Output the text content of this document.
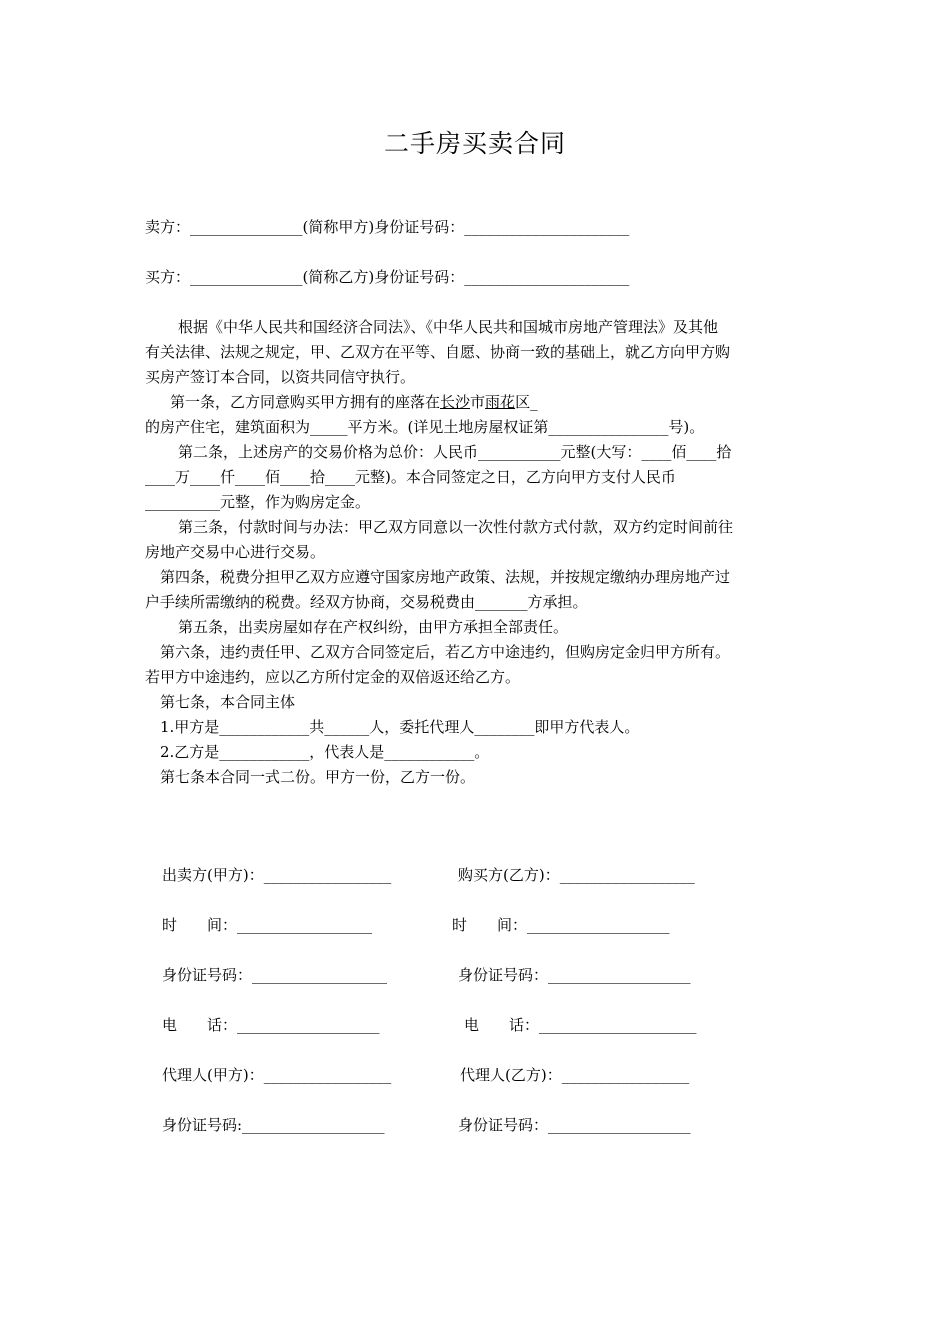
二手房买卖合同
卖方：_______________(简称甲方)身份证号码：______________________
买方：_______________(简称乙方)身份证号码：______________________
根据《中华人民共和国经济合同法》、《中华人民共和国城市房地产管理法》及其他
有关法律、法规之规定，甲、乙双方在平等、自愿、协商一致的基础上，就乙方向甲方购
买房产签订本合同，以资共同信守执行。
第一条，乙方同意购买甲方拥有的座落在长沙市雨花区_
的房产住宅，建筑面积为_____平方米。(详见土地房屋权证第________________号)。
第二条，上述房产的交易价格为总价：人民币___________元整(大写：____佰____拾
____万____仟____佰____拾____元整)。本合同签定之日，乙方向甲方支付人民币
__________元整，作为购房定金。
第三条，付款时间与办法：甲乙双方同意以一次性付款方式付款，双方约定时间前往
房地产交易中心进行交易。
第四条，税费分担甲乙双方应遵守国家房地产政策、法规，并按规定缴纳办理房地产过
户手续所需缴纳的税费。经双方协商，交易税费由_______方承担。
第五条，出卖房屋如存在产权纠纷，由甲方承担全部责任。
第六条，违约责任甲、乙双方合同签定后，若乙方中途违约，但购房定金归甲方所有。
若甲方中途违约，应以乙方所付定金的双倍返还给乙方。
第七条，本合同主体
1.甲方是____________共______人，委托代理人________即甲方代表人。
2.乙方是____________，代表人是____________。
第七条本合同一式二份。甲方一份，乙方一份。
出卖方(甲方)：_________________	购买方(乙方)：__________________
时　　间：__________________	时　　间：___________________
身份证号码：__________________	身份证号码：___________________
电　　话：___________________	电　　话：_____________________
代理人(甲方)：_________________	代理人(乙方)：_________________
身份证号码:___________________	身份证号码：___________________
